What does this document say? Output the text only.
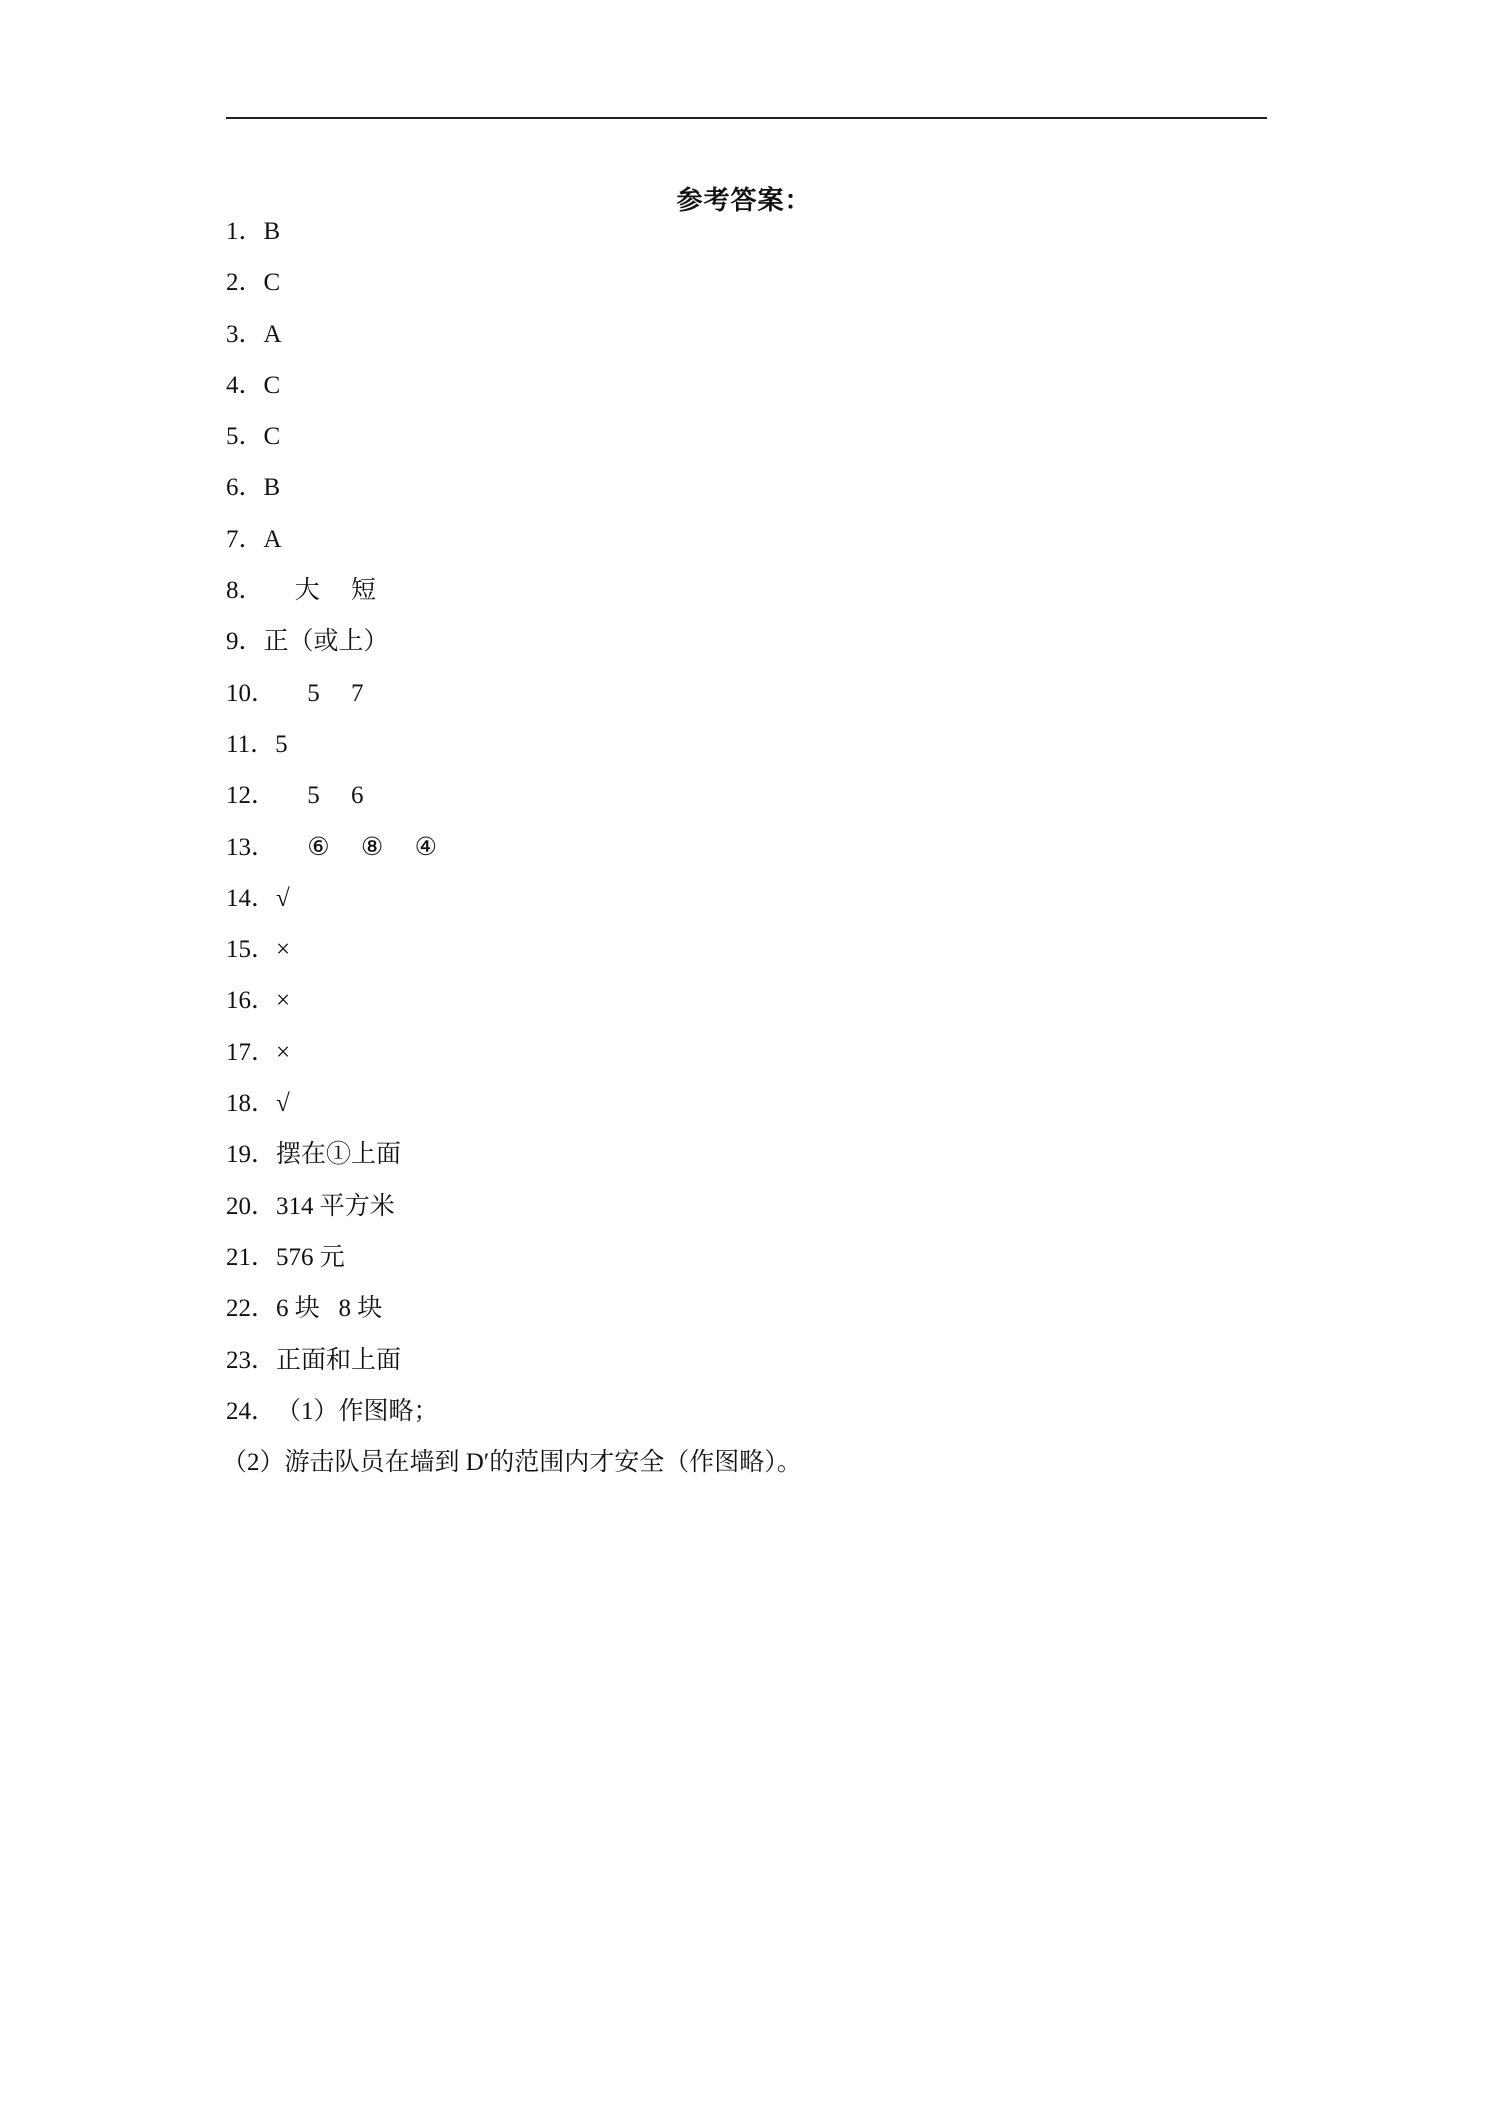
参考答案：
1．B
2．C
3．A
4．C
5．C
6．B
7．A
8．     大     短
9．正（或上）
10．     5     7
11．5
12．     5     6
13．     ⑥     ⑧     ④
14．√
15．×
16．×
17．×
18．√
19．摆在①上面
20．314 平方米
21．576 元
22．6 块   8 块
23．正面和上面
24．（1）作图略；
（2）游击队员在墙到 D′的范围内才安全（作图略）。
